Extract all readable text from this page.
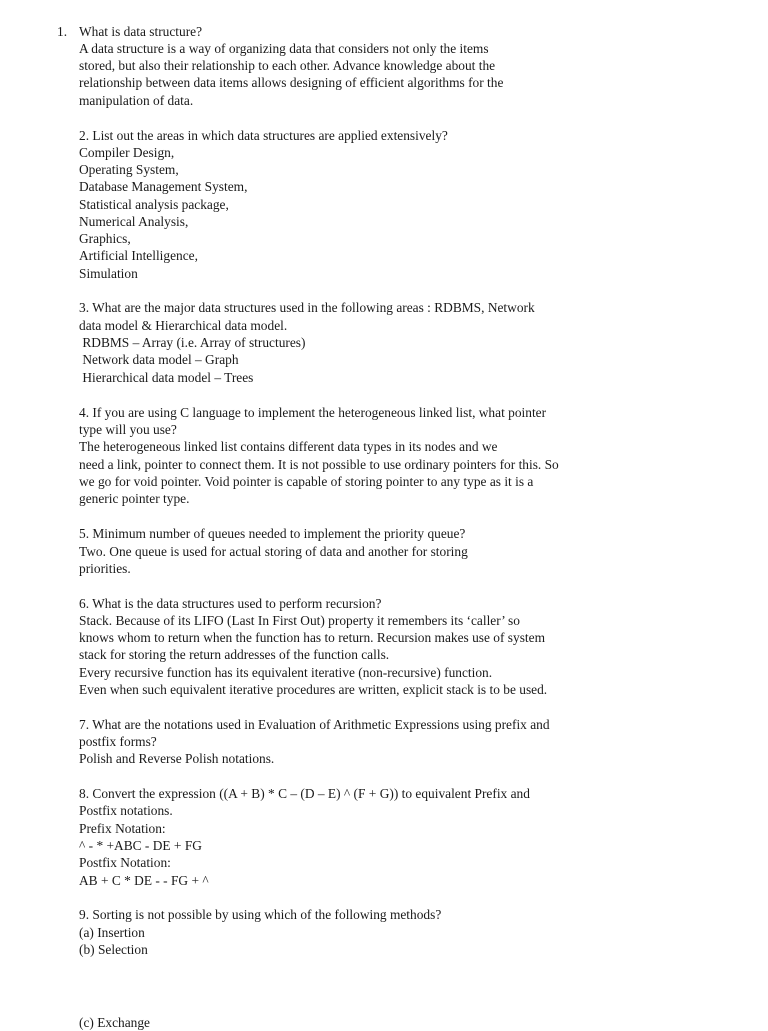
1. What is data structure?
A data structure is a way of organizing data that considers not only the items
stored, but also their relationship to each other. Advance knowledge about the
relationship between data items allows designing of efficient algorithms for the
manipulation of data.
2. List out the areas in which data structures are applied extensively?
Compiler Design,
Operating System,
Database Management System,
Statistical analysis package,
Numerical Analysis,
Graphics,
Artificial Intelligence,
Simulation
3. What are the major data structures used in the following areas : RDBMS, Network
data model & Hierarchical data model.
RDBMS – Array (i.e. Array of structures)
Network data model – Graph
Hierarchical data model – Trees
4. If you are using C language to implement the heterogeneous linked list, what pointer
type will you use?
The heterogeneous linked list contains different data types in its nodes and we
need a link, pointer to connect them. It is not possible to use ordinary pointers for this. So
we go for void pointer. Void pointer is capable of storing pointer to any type as it is a
generic pointer type.
5. Minimum number of queues needed to implement the priority queue?
Two. One queue is used for actual storing of data and another for storing
priorities.
6. What is the data structures used to perform recursion?
Stack. Because of its LIFO (Last In First Out) property it remembers its ‘caller’ so
knows whom to return when the function has to return. Recursion makes use of system
stack for storing the return addresses of the function calls.
Every recursive function has its equivalent iterative (non-recursive) function.
Even when such equivalent iterative procedures are written, explicit stack is to be used.
7. What are the notations used in Evaluation of Arithmetic Expressions using prefix and
postfix forms?
Polish and Reverse Polish notations.
8. Convert the expression ((A + B) * C – (D – E) ^ (F + G)) to equivalent Prefix and
Postfix notations.
Prefix Notation:
^ - * +ABC - DE + FG
Postfix Notation:
AB + C * DE - - FG + ^
9. Sorting is not possible by using which of the following methods?
(a) Insertion
(b) Selection
(c) Exchange
